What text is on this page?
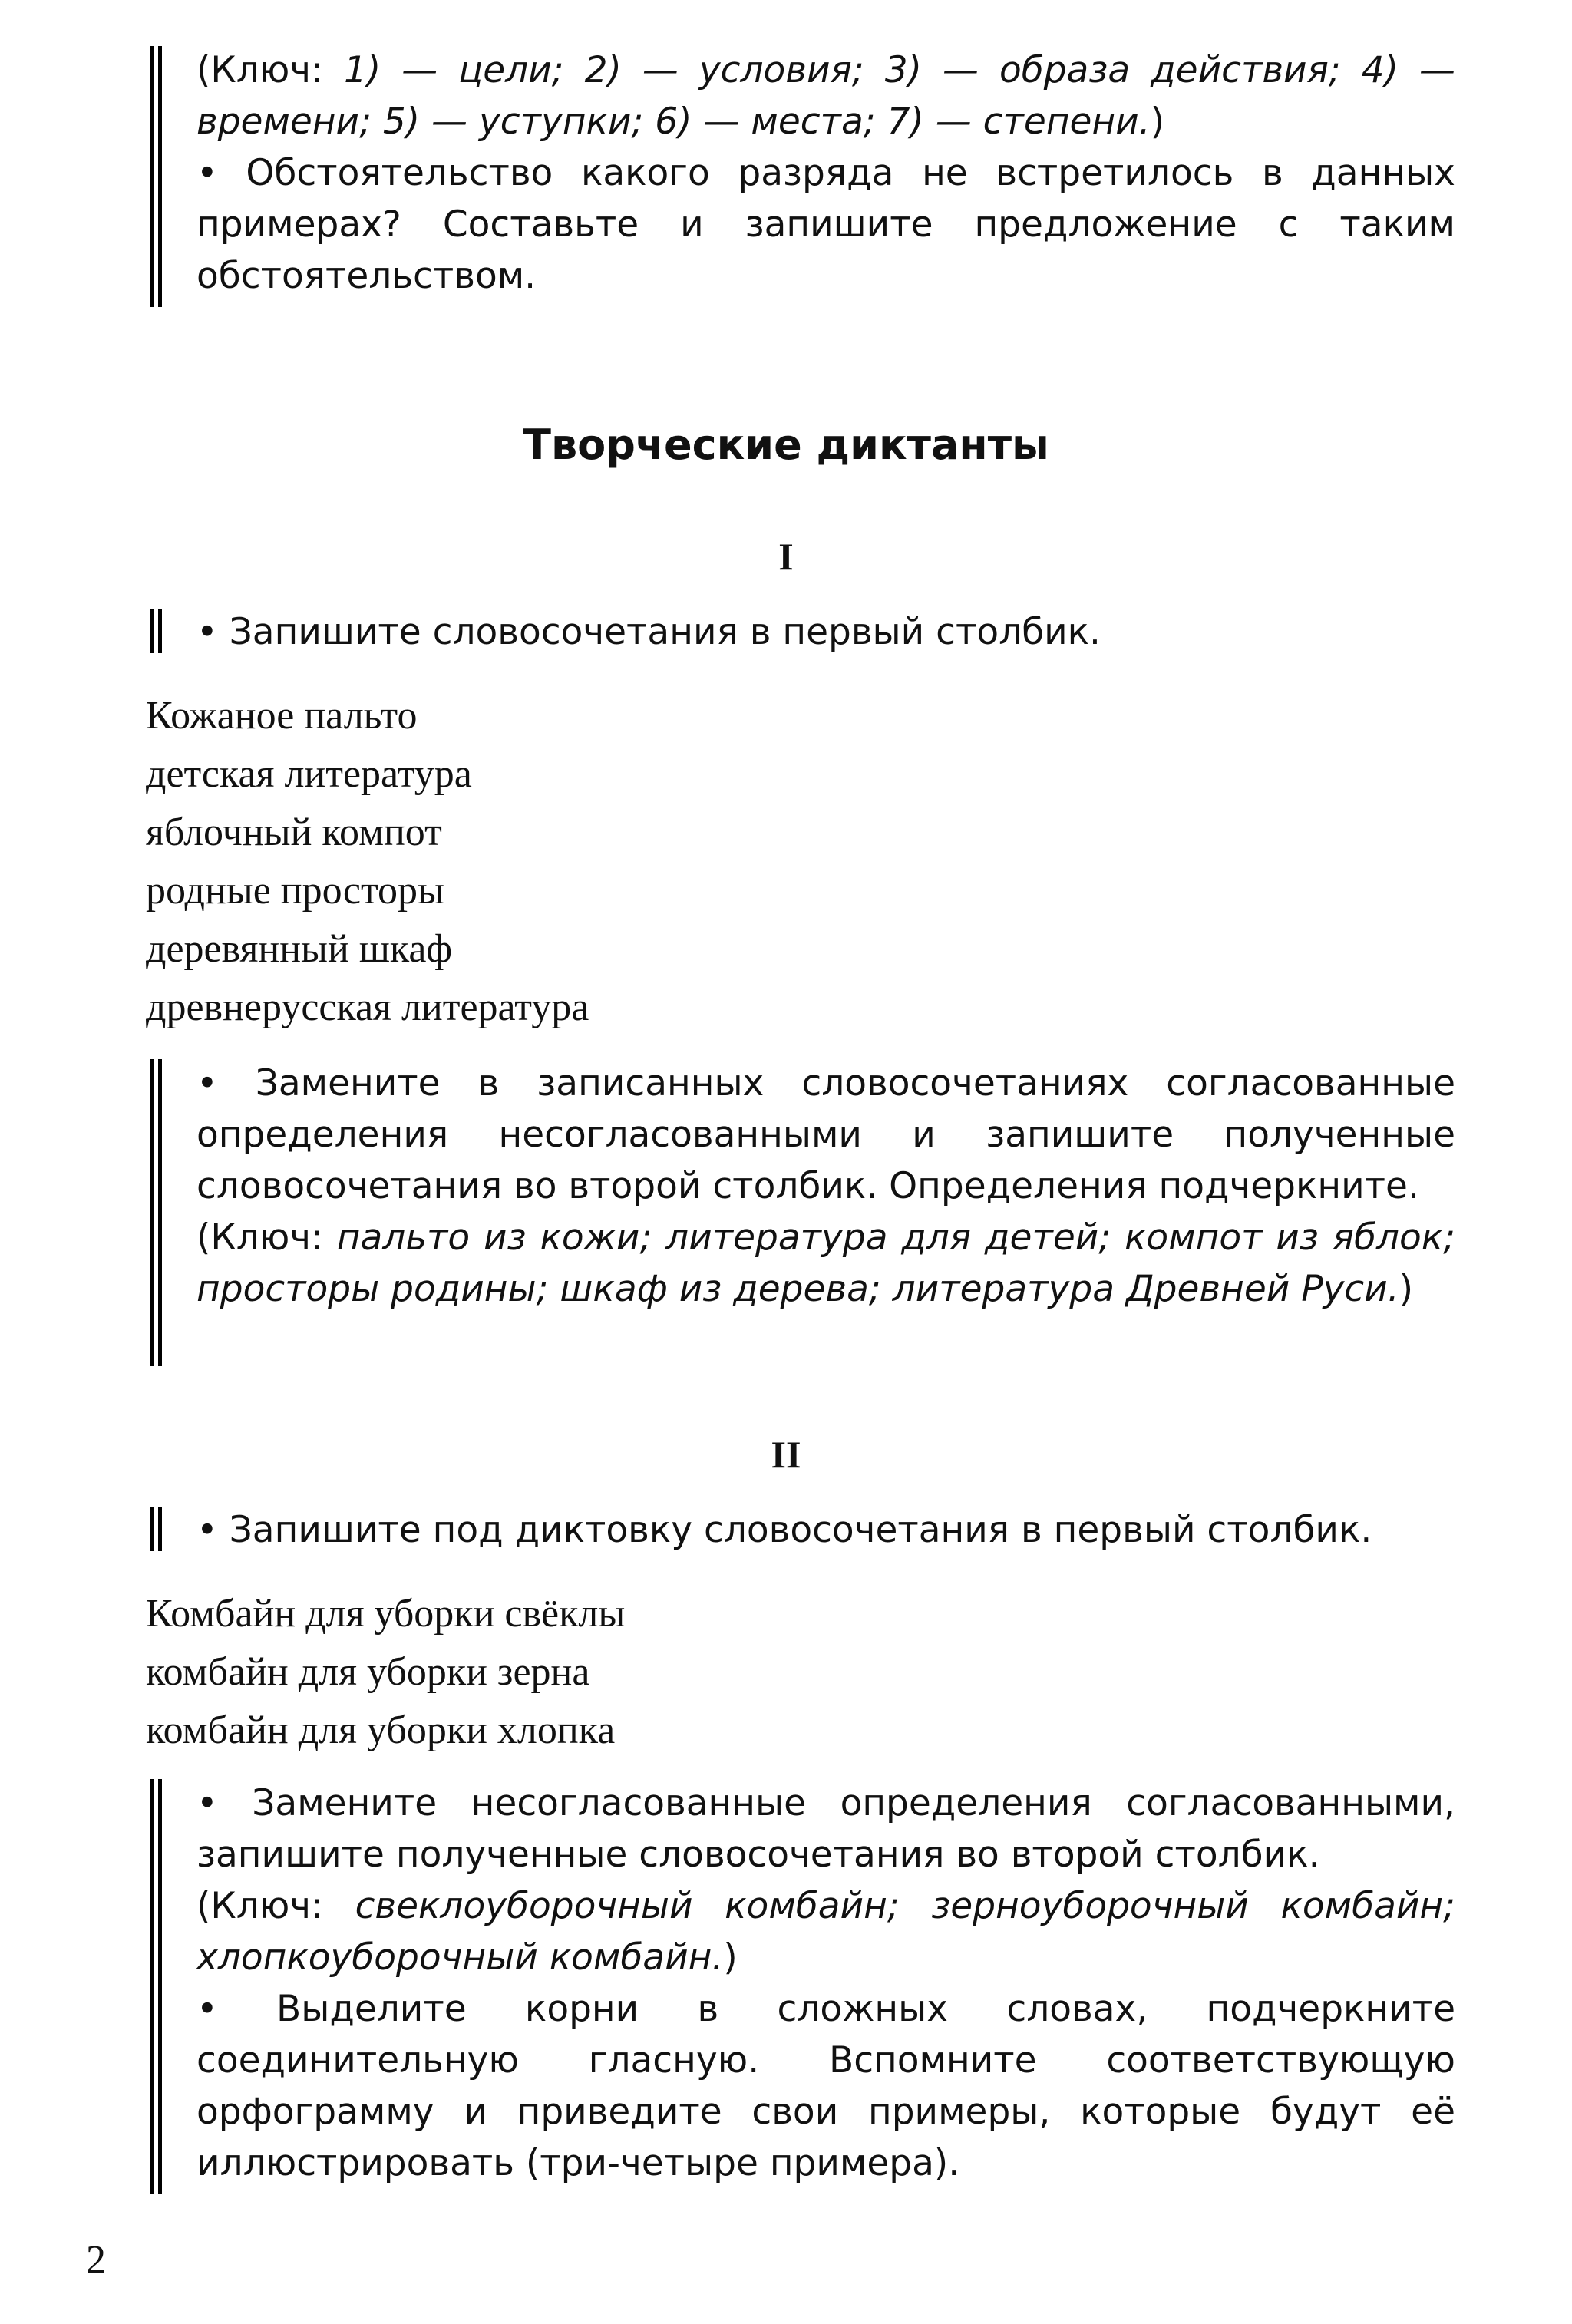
(Ключ: 1) — цели; 2) — условия; 3) — образа действия; 4) — времени; 5) — уступки; 6) — места; 7) — степени.)

• Обстоятельство какого разряда не встретилось в данных примерах? Составьте и запишите предложение с таким обстоятельством.

Творческие диктанты
I
• Запишите словосочетания в первый столбик.
Кожаное пальто
детская литература
яблочный компот
родные просторы
деревянный шкаф
древнерусская литература

• Замените в записанных словосочетаниях согласованные определения несогласованными и запишите полученные словосочетания во второй столбик. Определения подчеркните.

(Ключ: пальто из кожи; литература для детей; компот из яблок; просторы родины; шкаф из дерева; литература Древней Руси.)

II
• Запишите под диктовку словосочетания в первый столбик.
Комбайн для уборки свёклы
комбайн для уборки зерна
комбайн для уборки хлопка

• Замените несогласованные определения согласованными, запишите полученные словосочетания во второй столбик.

(Ключ: свеклоуборочный комбайн; зерноуборочный комбайн; хлопкоуборочный комбайн.)

• Выделите корни в сложных словах, подчеркните соединительную гласную. Вспомните соответствующую орфограмму и приведите свои примеры, которые будут её иллюстрировать (три-четыре примера).

2
